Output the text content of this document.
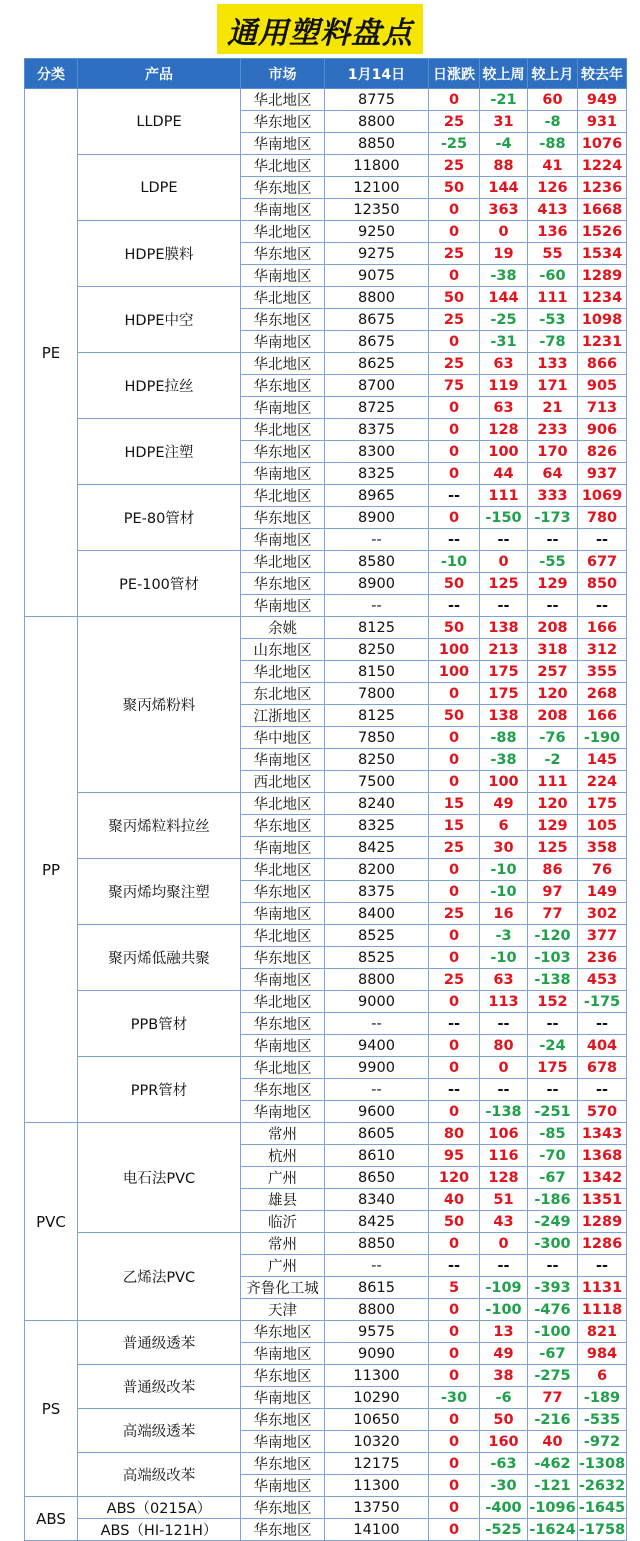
通用塑料盘点
分类	产品	市场	1月14日	日涨跌	较上周	较上月	较去年
PE	LLDPE	华北地区	8775	0	-21	60	949
		华东地区	8800	25	31	-8	931
		华南地区	8850	-25	-4	-88	1076
	LDPE	华北地区	11800	25	88	41	1224
		华东地区	12100	50	144	126	1236
		华南地区	12350	0	363	413	1668
	HDPE膜料	华北地区	9250	0	0	136	1526
		华东地区	9275	25	19	55	1534
		华南地区	9075	0	-38	-60	1289
	HDPE中空	华北地区	8800	50	144	111	1234
		华东地区	8675	25	-25	-53	1098
		华南地区	8675	0	-31	-78	1231
	HDPE拉丝	华北地区	8625	25	63	133	866
		华东地区	8700	75	119	171	905
		华南地区	8725	0	63	21	713
	HDPE注塑	华北地区	8375	0	128	233	906
		华东地区	8300	0	100	170	826
		华南地区	8325	0	44	64	937
	PE-80管材	华北地区	8965	--	111	333	1069
		华东地区	8900	0	-150	-173	780
		华南地区	--	--	--	--	--
	PE-100管材	华北地区	8580	-10	0	-55	677
		华东地区	8900	50	125	129	850
		华南地区	--	--	--	--	--
PP	聚丙烯粉料	余姚	8125	50	138	208	166
		山东地区	8250	100	213	318	312
		华北地区	8150	100	175	257	355
		东北地区	7800	0	175	120	268
		江浙地区	8125	50	138	208	166
		华中地区	7850	0	-88	-76	-190
		华南地区	8250	0	-38	-2	145
		西北地区	7500	0	100	111	224
	聚丙烯粒料拉丝	华北地区	8240	15	49	120	175
		华东地区	8325	15	6	129	105
		华南地区	8425	25	30	125	358
	聚丙烯均聚注塑	华北地区	8200	0	-10	86	76
		华东地区	8375	0	-10	97	149
		华南地区	8400	25	16	77	302
	聚丙烯低融共聚	华北地区	8525	0	-3	-120	377
		华东地区	8525	0	-10	-103	236
		华南地区	8800	25	63	-138	453
	PPB管材	华北地区	9000	0	113	152	-175
		华东地区	--	--	--	--	--
		华南地区	9400	0	80	-24	404
	PPR管材	华北地区	9900	0	0	175	678
		华东地区	--	--	--	--	--
		华南地区	9600	0	-138	-251	570
PVC	电石法PVC	常州	8605	80	106	-85	1343
		杭州	8610	95	116	-70	1368
		广州	8650	120	128	-67	1342
		雄县	8340	40	51	-186	1351
		临沂	8425	50	43	-249	1289
	乙烯法PVC	常州	8850	0	0	-300	1286
		广州	--	--	--	--	--
		齐鲁化工城	8615	5	-109	-393	1131
		天津	8800	0	-100	-476	1118
PS	普通级透苯	华东地区	9575	0	13	-100	821
		华南地区	9090	0	49	-67	984
	普通级改苯	华东地区	11300	0	38	-275	6
		华南地区	10290	-30	-6	77	-189
	高端级透苯	华东地区	10650	0	50	-216	-535
		华南地区	10320	0	160	40	-972
	高端级改苯	华东地区	12175	0	-63	-462	-1308
		华南地区	11300	0	-30	-121	-2632
ABS	ABS（0215A）	华东地区	13750	0	-400	-1096	-1645
	ABS（HI-121H）	华东地区	14100	0	-525	-1624	-1758
